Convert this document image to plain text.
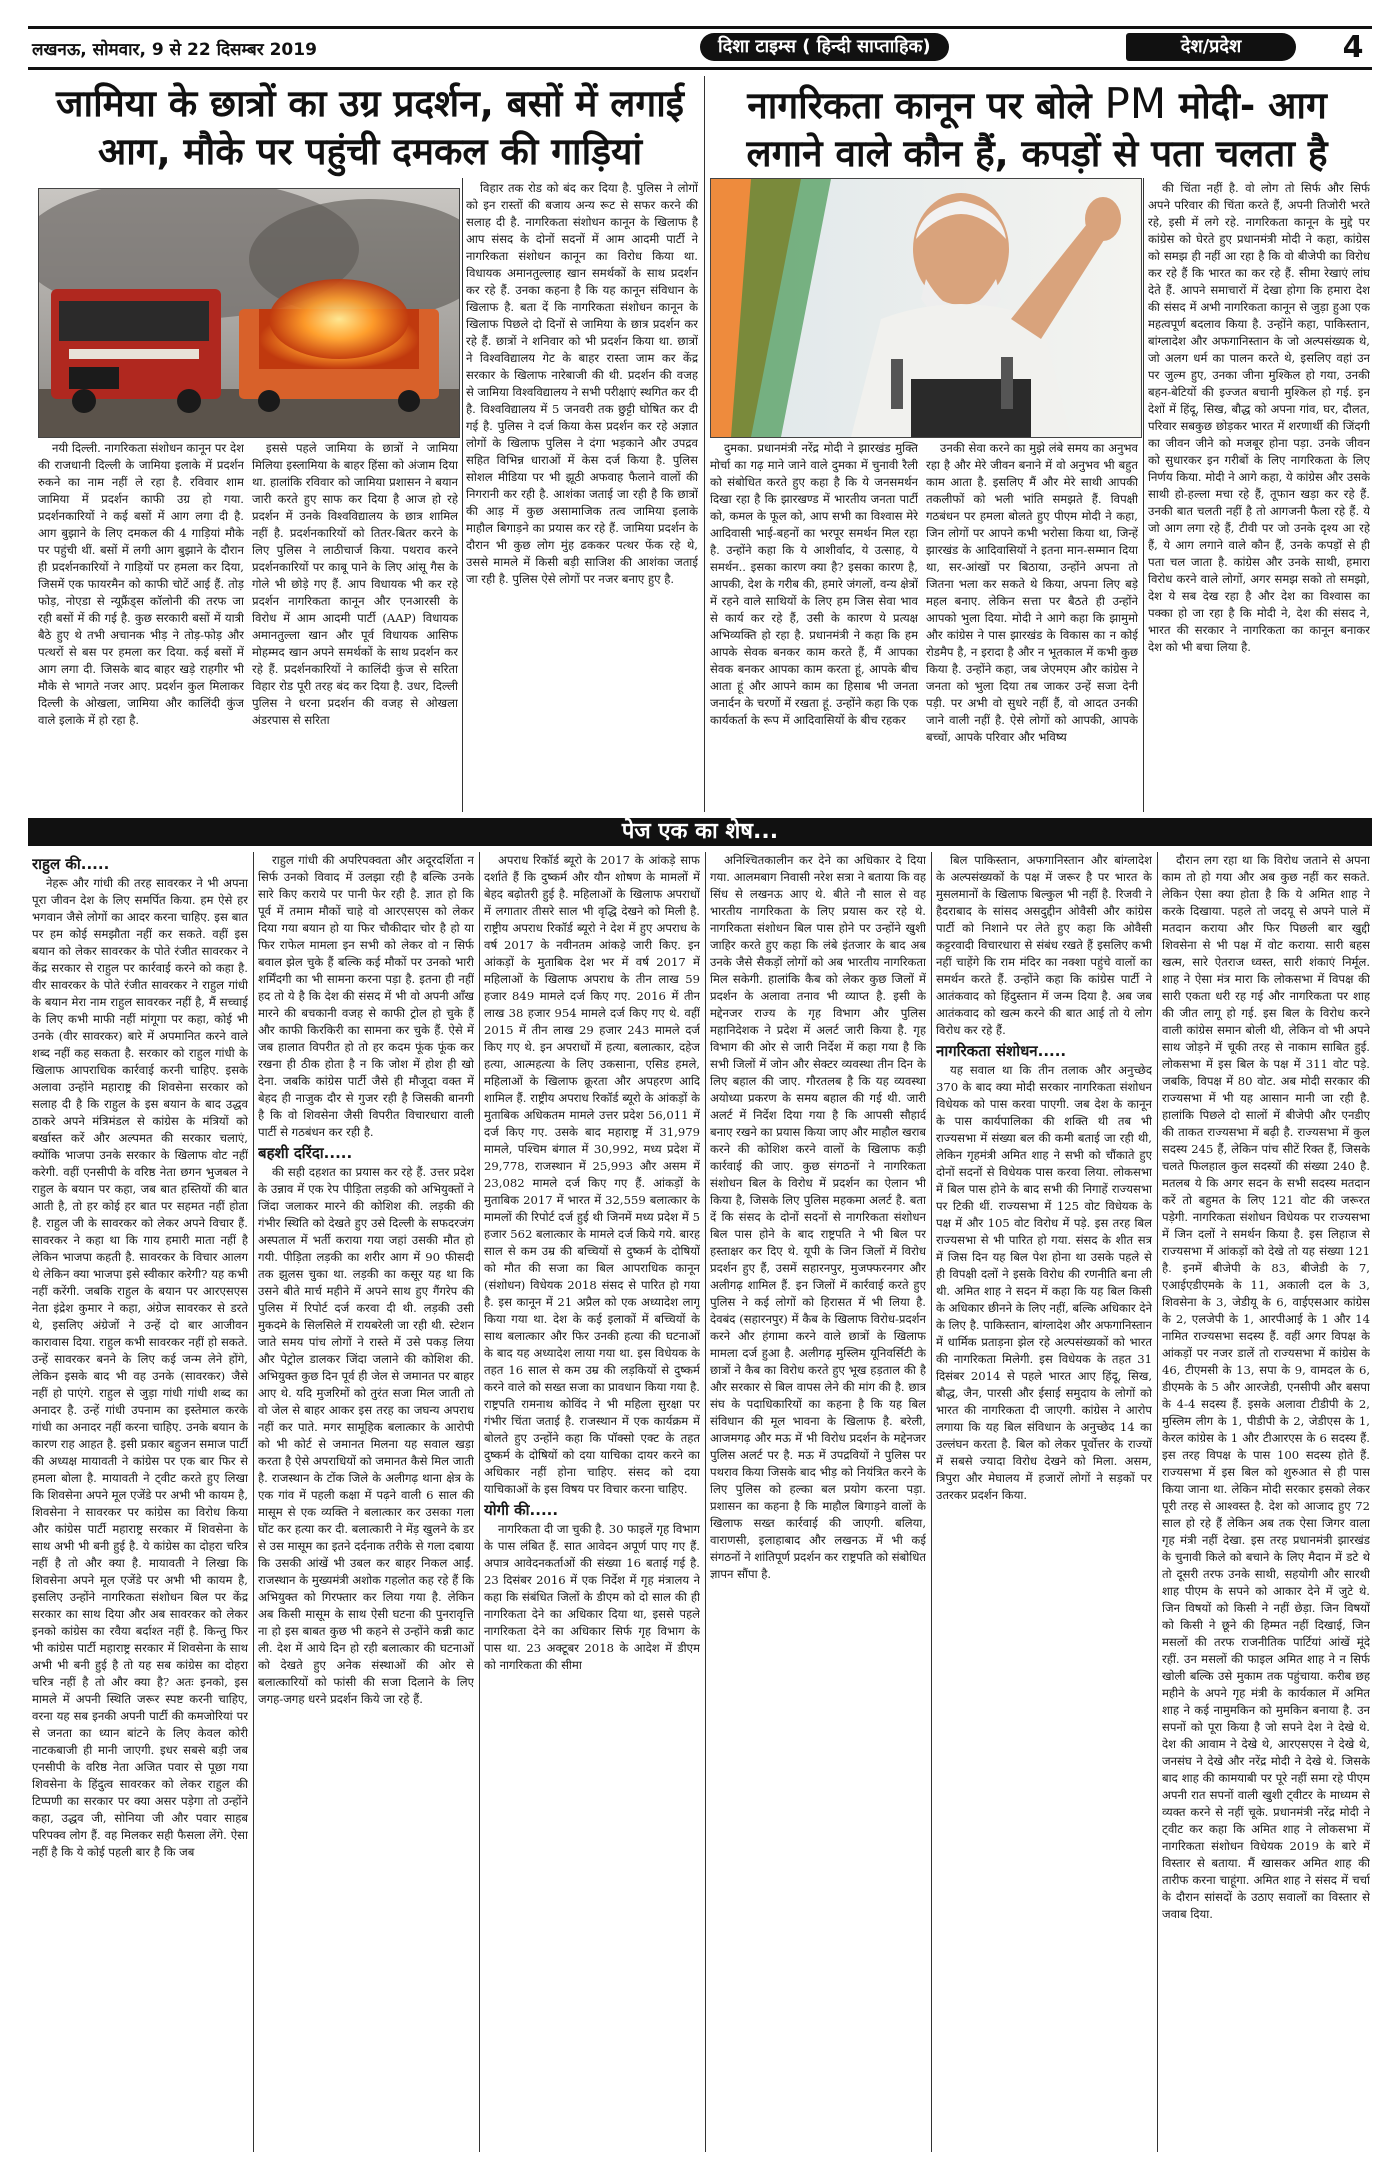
लखनऊ, सोमवार, 9 से 22 दिसम्बर 2019	दिशा टाइम्स ( हिन्दी साप्ताहिक)	देश/प्रदेश	4
जामिया के छात्रों का उग्र प्रदर्शन, बसों में लगाई आग, मौके पर पहुंची दमकल की गाड़ियां
नागरिकता कानून पर बोले PM मोदी- आग लगाने वाले कौन हैं, कपड़ों से पता चलता है

नयी दिल्ली. नागरिकता संशोधन कानून पर देश की राजधानी दिल्ली के जामिया इलाके में प्रदर्शन रुकने का नाम नहीं ले रहा है. रविवार शाम जामिया में प्रदर्शन काफी उग्र हो गया. प्रदर्शनकारियों ने कई बसों में आग लगा दी है. आग बुझाने के लिए दमकल की 4 गाड़ियां मौके पर पहुंची थीं. बसों में लगी आग बुझाने के दौरान ही प्रदर्शनकारियों ने गाड़ियों पर हमला कर दिया, जिसमें एक फायरमैन को काफी चोटें आई हैं. तोड़ फोड़, नोएडा से न्यूफ्रैंड्स कॉलोनी की तरफ जा रही बसों में की गई है. कुछ सरकारी बसों में यात्री बैठे हुए थे तभी अचानक भीड़ ने तोड़-फोड़ और पत्थरों से बस पर हमला कर दिया. कई बसों में आग लगा दी. जिसके बाद बाहर खड़े राहगीर भी मौके से भागते नजर आए. प्रदर्शन कुल मिलाकर दिल्ली के ओखला, जामिया और कालिंदी कुंज वाले इलाके में हो रहा है.

इससे पहले जामिया के छात्रों ने जामिया मिलिया इस्लामिया के बाहर हिंसा को अंजाम दिया था. हालांकि रविवार को जामिया प्रशासन ने बयान जारी करते हुए साफ कर दिया है आज हो रहे प्रदर्शन में उनके विश्वविद्यालय के छात्र शामिल नहीं है. प्रदर्शनकारियों को तितर-बितर करने के लिए पुलिस ने लाठीचार्ज किया. पथराव करने प्रदर्शनकारियों पर काबू पाने के लिए आंसू गैस के गोले भी छोड़े गए हैं. आप विधायक भी कर रहे प्रदर्शन नागरिकता कानून और एनआरसी के विरोध में आम आदमी पार्टी (AAP) विधायक अमानतुल्ला खान और पूर्व विधायक आसिफ मोहम्मद खान अपने समर्थकों के साथ प्रदर्शन कर रहे हैं. प्रदर्शनकारियों ने कालिंदी कुंज से सरिता विहार रोड पूरी तरह बंद कर दिया है. उधर, दिल्ली पुलिस ने धरना प्रदर्शन की वजह से ओखला अंडरपास से सरिता

विहार तक रोड को बंद कर दिया है. पुलिस ने लोगों को इन रास्तों की बजाय अन्य रूट से सफर करने की सलाह दी है. नागरिकता संशोधन कानून के खिलाफ है आप संसद के दोनों सदनों में आम आदमी पार्टी ने नागरिकता संशोधन कानून का विरोध किया था. विधायक अमानतुल्लाह खान समर्थकों के साथ प्रदर्शन कर रहे हैं. उनका कहना है कि यह कानून संविधान के खिलाफ है. बता दें कि नागरिकता संशोधन कानून के खिलाफ पिछले दो दिनों से जामिया के छात्र प्रदर्शन कर रहे हैं. छात्रों ने शनिवार को भी प्रदर्शन किया था. छात्रों ने विश्वविद्यालय गेट के बाहर रास्ता जाम कर केंद्र सरकार के खिलाफ नारेबाजी की थी. प्रदर्शन की वजह से जामिया विश्वविद्यालय ने सभी परीक्षाएं स्थगित कर दी है. विश्वविद्यालय में 5 जनवरी तक छुट्टी घोषित कर दी गई है. पुलिस ने दर्ज किया केस प्रदर्शन कर रहे अज्ञात लोगों के खिलाफ पुलिस ने दंगा भड़काने और उपद्रव सहित विभिन्न धाराओं में केस दर्ज किया है. पुलिस सोशल मीडिया पर भी झूठी अफवाह फैलाने वालों की निगरानी कर रही है. आशंका जताई जा रही है कि छात्रों की आड़ में कुछ असामाजिक तत्व जामिया इलाके माहौल बिगाड़ने का प्रयास कर रहे हैं. जामिया प्रदर्शन के दौरान भी कुछ लोग मुंह ढककर पत्थर फेंक रहे थे, उससे मामले में किसी बड़ी साजिश की आशंका जताई जा रही है. पुलिस ऐसे लोगों पर नजर बनाए हुए है.

दुमका. प्रधानमंत्री नरेंद्र मोदी ने झारखंड मुक्ति मोर्चा का गढ़ माने जाने वाले दुमका में चुनावी रैली को संबोधित करते हुए कहा है कि ये जनसमर्थन दिखा रहा है कि झारखण्ड में भारतीय जनता पार्टी को, कमल के फूल को, आप सभी का विश्वास मेरे आदिवासी भाई-बहनों का भरपूर समर्थन मिल रहा है. उन्होंने कहा कि ये आशीर्वाद, ये उत्साह, ये समर्थन.. इसका कारण क्या है? इसका कारण है, आपकी, देश के गरीब की, हमारे जंगलों, वन्य क्षेत्रों में रहने वाले साथियों के लिए हम जिस सेवा भाव से कार्य कर रहे हैं, उसी के कारण ये प्रत्यक्ष अभिव्यक्ति हो रहा है. प्रधानमंत्री ने कहा कि हम आपके सेवक बनकर काम करते हैं, मैं आपका सेवक बनकर आपका काम करता हूं, आपके बीच आता हूं और आपने काम का हिसाब भी जनता जनार्दन के चरणों में रखता हूं. उन्होंने कहा कि एक कार्यकर्ता के रूप में आदिवासियों के बीच रहकर

उनकी सेवा करने का मुझे लंबे समय का अनुभव रहा है और मेरे जीवन बनाने में वो अनुभव भी बहुत काम आता है. इसलिए मैं और मेरे साथी आपकी तकलीफों को भली भांति समझते हैं. विपक्षी गठबंधन पर हमला बोलते हुए पीएम मोदी ने कहा, जिन लोगों पर आपने कभी भरोसा किया था, जिन्हें झारखंड के आदिवासियों ने इतना मान-सम्मान दिया था, सर-आंखों पर बिठाया, उन्होंने अपना तो जितना भला कर सकते थे किया, अपना लिए बड़े महल बनाए. लेकिन सत्ता पर बैठते ही उन्होंने आपको भुला दिया. मोदी ने आगे कहा कि झामुमो और कांग्रेस ने पास झारखंड के विकास का न कोई रोडमैप है, न इरादा है और न भूतकाल में कभी कुछ किया है. उन्होंने कहा, जब जेएमएम और कांग्रेस ने जनता को भुला दिया तब जाकर उन्हें सजा देनी पड़ी. पर अभी वो सुधरे नहीं हैं, वो आदत उनकी जाने वाली नहीं है. ऐसे लोगों को आपकी, आपके बच्चों, आपके परिवार और भविष्य

की चिंता नहीं है. वो लोग तो सिर्फ और सिर्फ अपने परिवार की चिंता करते हैं, अपनी तिजोरी भरते रहे, इसी में लगे रहे. नागरिकता कानून के मुद्दे पर कांग्रेस को घेरते हुए प्रधानमंत्री मोदी ने कहा, कांग्रेस को समझ ही नहीं आ रहा है कि वो बीजेपी का विरोध कर रहे हैं कि भारत का कर रहे हैं. सीमा रेखाएं लांघ देते हैं. आपने समाचारों में देखा होगा कि हमारा देश की संसद में अभी नागरिकता कानून से जुड़ा हुआ एक महत्वपूर्ण बदलाव किया है. उन्होंने कहा, पाकिस्तान, बांग्लादेश और अफगानिस्तान के जो अल्पसंख्यक थे, जो अलग धर्म का पालन करते थे, इसलिए वहां उन पर जुल्म हुए, उनका जीना मुश्किल हो गया, उनकी बहन-बेटियों की इज्जत बचानी मुश्किल हो गई. इन देशों में हिंदू, सिख, बौद्ध को अपना गांव, घर, दौलत, परिवार सबकुछ छोड़कर भारत में शरणार्थी की जिंदगी का जीवन जीने को मजबूर होना पड़ा. उनके जीवन को सुधारकर इन गरीबों के लिए नागरिकता के लिए निर्णय किया. मोदी ने आगे कहा, ये कांग्रेस और उसके साथी हो-हल्ला मचा रहे हैं, तूफान खड़ा कर रहे हैं. उनकी बात चलती नहीं है तो आगजनी फैला रहे हैं. ये जो आग लगा रहे हैं, टीवी पर जो उनके दृश्य आ रहे हैं, ये आग लगाने वाले कौन हैं, उनके कपड़ों से ही पता चल जाता है. कांग्रेस और उनके साथी, हमारा विरोध करने वाले लोगों, अगर समझ सको तो समझो, देश ये सब देख रहा है और देश का विश्वास का पक्का हो जा रहा है कि मोदी ने, देश की संसद ने, भारत की सरकार ने नागरिकता का कानून बनाकर देश को भी बचा लिया है.

पेज एक का शेष...
राहुल की.....

नेहरू और गांधी की तरह सावरकर ने भी अपना पूरा जीवन देश के लिए समर्पित किया. हम ऐसे हर भगवान जैसे लोगों का आदर करना चाहिए. इस बात पर हम कोई समझौता नहीं कर सकते. वहीं इस बयान को लेकर सावरकर के पोते रंजीत सावरकर ने केंद्र सरकार से राहुल पर कार्रवाई करने को कहा है. वीर सावरकर के पोते रंजीत सावरकर ने राहुल गांधी के बयान मेरा नाम राहुल सावरकर नहीं है, मैं सच्चाई के लिए कभी माफी नहीं मांगूगा पर कहा, कोई भी उनके (वीर सावरकर) बारे में अपमानित करने वाले शब्द नहीं कह सकता है. सरकार को राहुल गांधी के खिलाफ आपराधिक कार्रवाई करनी चाहिए. इसके अलावा उन्होंने महाराष्ट्र की शिवसेना सरकार को सलाह दी है कि राहुल के इस बयान के बाद उद्धव ठाकरे अपने मंत्रिमंडल से कांग्रेस के मंत्रियों को बर्खास्त करें और अल्पमत की सरकार चलाएं, क्योंकि भाजपा उनके सरकार के खिलाफ वोट नहीं करेगी. वहीं एनसीपी के वरिष्ठ नेता छगन भुजबल ने राहुल के बयान पर कहा, जब बात हस्तियों की बात आती है, तो हर कोई हर बात पर सहमत नहीं होता है. राहुल जी के सावरकर को लेकर अपने विचार हैं. सावरकर ने कहा था कि गाय हमारी माता नहीं है लेकिन भाजपा कहती है. सावरकर के विचार आलग थे लेकिन क्या भाजपा इसे स्वीकार करेगी? यह कभी नहीं करेंगी. जबकि राहुल के बयान पर आरएसएस नेता इंद्रेश कुमार ने कहा, अंग्रेज सावरकर से डरते थे, इसलिए अंग्रेजों ने उन्हें दो बार आजीवन कारावास दिया. राहुल कभी सावरकर नहीं हो सकते. उन्हें सावरकर बनने के लिए कई जन्म लेने होंगे, लेकिन इसके बाद भी वह उनके (सावरकर) जैसे नहीं हो पाएंगे. राहुल से जुड़ा गांधी गांधी शब्द का अनादर है. उन्हें गांधी उपनाम का इस्तेमाल करके गांधी का अनादर नहीं करना चाहिए. उनके बयान के कारण राह आहत है. इसी प्रकार बहुजन समाज पार्टी की अध्यक्ष मायावती ने कांग्रेस पर एक बार फिर से हमला बोला है. मायावती ने ट्वीट करते हुए लिखा कि शिवसेना अपने मूल एजेंडे पर अभी भी कायम है, शिवसेना ने सावरकर पर कांग्रेस का विरोध किया और कांग्रेस पार्टी महाराष्ट्र सरकार में शिवसेना के साथ अभी भी बनी हुई है. ये कांग्रेस का दोहरा चरित्र नहीं है तो और क्या है. मायावती ने लिखा कि शिवसेना अपने मूल एजेंडे पर अभी भी कायम है, इसलिए उन्होंने नागरिकता संशोधन बिल पर केंद्र सरकार का साथ दिया और अब सावरकर को लेकर इनको कांग्रेस का रवैया बर्दाश्त नहीं है. किन्तु फिर भी कांग्रेस पार्टी महाराष्ट्र सरकार में शिवसेना के साथ अभी भी बनी हुई है तो यह सब कांग्रेस का दोहरा चरित्र नहीं है तो और क्या है? अतः इनको, इस मामले में अपनी स्थिति जरूर स्पष्ट करनी चाहिए, वरना यह सब इनकी अपनी पार्टी की कमजोरियां पर से जनता का ध्यान बांटने के लिए केवल कोरी नाटकबाजी ही मानी जाएगी. इधर सबसे बड़ी जब एनसीपी के वरिष्ठ नेता अजित पवार से पूछा गया शिवसेना के हिंदुत्व सावरकर को लेकर राहुल की टिप्पणी का सरकार पर क्या असर पड़ेगा तो उन्होंने कहा, उद्धव जी, सोनिया जी और पवार साहब परिपक्व लोग हैं. वह मिलकर सही फैसला लेंगे. ऐसा नहीं है कि ये कोई पहली बार है कि जब

राहुल गांधी की अपरिपक्वता और अदूरदर्शिता न सिर्फ उनको विवाद में उलझा रही है बल्कि उनके सारे किए कराये पर पानी फेर रही है. ज्ञात हो कि पूर्व में तमाम मौकों चाहे वो आरएसएस को लेकर दिया गया बयान हो या फिर चौकीदार चोर है हो या फिर राफेल मामला इन सभी को लेकर वो न सिर्फ बवाल झेल चुके हैं बल्कि कई मौकों पर उनको भारी शर्मिंदगी का भी सामना करना पड़ा है. इतना ही नहीं हद तो ये है कि देश की संसद में भी वो अपनी आँख मारने की बचकानी वजह से काफी ट्रोल हो चुके हैं और काफी किरकिरी का सामना कर चुके हैं. ऐसे में जब हालात विपरीत हो तो हर कदम फूंक फूंक कर रखना ही ठीक होता है न कि जोश में होश ही खो देना. जबकि कांग्रेस पार्टी जैसे ही मौजूदा वक्त में बेहद ही नाजुक दौर से गुजर रही है जिसकी बानगी है कि वो शिवसेना जैसी विपरीत विचारधारा वाली पार्टी से गठबंधन कर रही है.

बहशी दरिंदा.....

की सही दहशत का प्रयास कर रहे हैं. उत्तर प्रदेश के उन्नाव में एक रेप पीड़िता लड़की को अभियुक्तों ने जिंदा जलाकर मारने की कोशिश की. लड़की की गंभीर स्थिति को देखते हुए उसे दिल्ली के सफदरजंग अस्पताल में भर्ती कराया गया जहां उसकी मौत हो गयी. पीड़िता लड़की का शरीर आग में 90 फीसदी तक झुलस चुका था. लड़की का कसूर यह था कि उसने बीते मार्च महीने में अपने साथ हुए गैंगरेप की पुलिस में रिपोर्ट दर्ज करवा दी थी. लड़की उसी मुकदमे के सिलसिले में रायबरेली जा रही थी. स्टेशन जाते समय पांच लोगों ने रास्ते में उसे पकड़ लिया और पेट्रोल डालकर जिंदा जलाने की कोशिश की. अभियुक्त कुछ दिन पूर्व ही जेल से जमानत पर बाहर आए थे. यदि मुजरिमों को तुरंत सजा मिल जाती तो वो जेल से बाहर आकर इस तरह का जघन्य अपराध नहीं कर पाते. मगर सामूहिक बलात्कार के आरोपी को भी कोर्ट से जमानत मिलना यह सवाल खड़ा करता है ऐसे अपराधियों को जमानत कैसे मिल जाती है. राजस्थान के टोंक जिले के अलीगढ़ थाना क्षेत्र के एक गांव में पहली कक्षा में पढ़ने वाली 6 साल की मासूम से एक व्यक्ति ने बलात्कार कर उसका गला घोंट कर हत्या कर दी. बलात्कारी ने मेंड़ खुलने के डर से उस मासूम का इतने दर्दनाक तरीके से गला दबाया कि उसकी आंखें भी उबल कर बाहर निकल आईं. राजस्थान के मुख्यमंत्री अशोक गहलोत कह रहे हैं कि अभियुक्त को गिरफ्तार कर लिया गया है. लेकिन अब किसी मासूम के साथ ऐसी घटना की पुनरावृत्ति ना हो इस बाबत कुछ भी कहने से उन्होंने कन्नी काट ली. देश में आये दिन हो रही बलात्कार की घटनाओं को देखते हुए अनेक संस्थाओं की ओर से बलात्कारियों को फांसी की सजा दिलाने के लिए जगह-जगह धरने प्रदर्शन किये जा रहे हैं.

अपराध रिकॉर्ड ब्यूरो के 2017 के आंकड़े साफ दर्शाते हैं कि दुष्कर्म और यौन शोषण के मामलों में बेहद बढ़ोतरी हुई है. महिलाओं के खिलाफ अपराधों में लगातार तीसरे साल भी वृद्धि देखने को मिली है. राष्ट्रीय अपराध रिकॉर्ड ब्यूरो ने देश में हुए अपराध के वर्ष 2017 के नवीनतम आंकड़े जारी किए. इन आंकड़ों के मुताबिक देश भर में वर्ष 2017 में महिलाओं के खिलाफ अपराध के तीन लाख 59 हजार 849 मामले दर्ज किए गए. 2016 में तीन लाख 38 हजार 954 मामले दर्ज किए गए थे. वहीं 2015 में तीन लाख 29 हजार 243 मामले दर्ज किए गए थे. इन अपराधों में हत्या, बलात्कार, दहेज हत्या, आत्महत्या के लिए उकसाना, एसिड हमले, महिलाओं के खिलाफ क्रूरता और अपहरण आदि शामिल हैं. राष्ट्रीय अपराध रिकॉर्ड ब्यूरो के आंकड़ों के मुताबिक अधिकतम मामले उत्तर प्रदेश 56,011 में दर्ज किए गए. उसके बाद महाराष्ट्र में 31,979 मामले, पश्चिम बंगाल में 30,992, मध्य प्रदेश में 29,778, राजस्थान में 25,993 और असम में 23,082 मामले दर्ज किए गए हैं. आंकड़ों के मुताबिक 2017 में भारत में 32,559 बलात्कार के मामलों की रिपोर्ट दर्ज हुई थी जिनमें मध्य प्रदेश में 5 हजार 562 बलात्कार के मामले दर्ज किये गये. बारह साल से कम उम्र की बच्चियों से दुष्कर्म के दोषियों को मौत की सजा का बिल आपराधिक कानून (संशोधन) विधेयक 2018 संसद से पारित हो गया है. इस कानून में 21 अप्रैल को एक अध्यादेश लागू किया गया था. देश के कई इलाकों में बच्चियों के साथ बलात्कार और फिर उनकी हत्या की घटनाओं के बाद यह अध्यादेश लाया गया था. इस विधेयक के तहत 16 साल से कम उम्र की लड़कियों से दुष्कर्म करने वाले को सख्त सजा का प्रावधान किया गया है. राष्ट्रपति रामनाथ कोविंद ने भी महिला सुरक्षा पर गंभीर चिंता जताई है. राजस्थान में एक कार्यक्रम में बोलते हुए उन्होंने कहा कि पॉक्सो एक्ट के तहत दुष्कर्म के दोषियों को दया याचिका दायर करने का अधिकार नहीं होना चाहिए. संसद को दया याचिकाओं के इस विषय पर विचार करना चाहिए.

योगी की.....

नागरिकता दी जा चुकी है. 30 फाइलें गृह विभाग के पास लंबित हैं. सात आवेदन अपूर्ण पाए गए हैं. अपात्र आवेदनकर्ताओं की संख्या 16 बताई गई है. 23 दिसंबर 2016 में एक निर्देश में गृह मंत्रालय ने कहा कि संबंधित जिलों के डीएम को दो साल की ही नागरिकता देने का अधिकार दिया था, इससे पहले नागरिकता देने का अधिकार सिर्फ गृह विभाग के पास था. 23 अक्टूबर 2018 के आदेश में डीएम को नागरिकता की सीमा

अनिश्चितकालीन कर देने का अधिकार दे दिया गया. आलमबाग निवासी नरेश सत्रा ने बताया कि वह सिंध से लखनऊ आए थे. बीते नौ साल से वह भारतीय नागरिकता के लिए प्रयास कर रहे थे. नागरिकता संशोधन बिल पास होने पर उन्होंने खुशी जाहिर करते हुए कहा कि लंबे इंतजार के बाद अब उनके जैसे सैकड़ों लोगों को अब भारतीय नागरिकता मिल सकेगी. हालांकि कैब को लेकर कुछ जिलों में प्रदर्शन के अलावा तनाव भी व्याप्त है. इसी के मद्देनजर राज्य के गृह विभाग और पुलिस महानिदेशक ने प्रदेश में अलर्ट जारी किया है. गृह विभाग की ओर से जारी निर्देश में कहा गया है कि सभी जिलों में जोन और सेक्टर व्यवस्था तीन दिन के लिए बहाल की जाए. गौरतलब है कि यह व्यवस्था अयोध्या प्रकरण के समय बहाल की गई थी. जारी अलर्ट में निर्देश दिया गया है कि आपसी सौहार्द बनाए रखने का प्रयास किया जाए और माहौल खराब करने की कोशिश करने वालों के खिलाफ कड़ी कार्रवाई की जाए. कुछ संगठनों ने नागरिकता संशोधन बिल के विरोध में प्रदर्शन का ऐलान भी किया है, जिसके लिए पुलिस महकमा अलर्ट है. बता दें कि संसद के दोनों सदनों से नागरिकता संशोधन बिल पास होने के बाद राष्ट्रपति ने भी बिल पर हस्ताक्षर कर दिए थे. यूपी के जिन जिलों में विरोध प्रदर्शन हुए हैं, उसमें सहारनपुर, मुजफ्फरनगर और अलीगढ़ शामिल हैं. इन जिलों में कार्रवाई करते हुए पुलिस ने कई लोगों को हिरासत में भी लिया है. देवबंद (सहारनपुर) में कैब के खिलाफ विरोध-प्रदर्शन करने और हंगामा करने वाले छात्रों के खिलाफ मामला दर्ज हुआ है. अलीगढ़ मुस्लिम यूनिवर्सिटी के छात्रों ने कैब का विरोध करते हुए भूख हड़ताल की है और सरकार से बिल वापस लेने की मांग की है. छात्र संघ के पदाधिकारियों का कहना है कि यह बिल संविधान की मूल भावना के खिलाफ है. बरेली, आजमगढ़ और मऊ में भी विरोध प्रदर्शन के मद्देनजर पुलिस अलर्ट पर है. मऊ में उपद्रवियों ने पुलिस पर पथराव किया जिसके बाद भीड़ को नियंत्रित करने के लिए पुलिस को हल्का बल प्रयोग करना पड़ा. प्रशासन का कहना है कि माहौल बिगाड़ने वालों के खिलाफ सख्त कार्रवाई की जाएगी. बलिया, वाराणसी, इलाहाबाद और लखनऊ में भी कई संगठनों ने शांतिपूर्ण प्रदर्शन कर राष्ट्रपति को संबोधित ज्ञापन सौंपा है.

बिल पाकिस्तान, अफगानिस्तान और बांग्लादेश के अल्पसंख्यकों के पक्ष में जरूर है पर भारत के मुसलमानों के खिलाफ बिल्कुल भी नहीं है. रिजवी ने हैदराबाद के सांसद असदुद्दीन ओवैसी और कांग्रेस पार्टी को निशाने पर लेते हुए कहा कि ओवैसी कट्टरवादी विचारधारा से संबंध रखते हैं इसलिए कभी नहीं चाहेंगे कि राम मंदिर का नक्शा पहुंचे वालों का समर्थन करते हैं. उन्होंने कहा कि कांग्रेस पार्टी ने आतंकवाद को हिंदुस्तान में जन्म दिया है. अब जब आतंकवाद को खत्म करने की बात आई तो ये लोग विरोध कर रहे हैं.

नागरिकता संशोधन.....

यह सवाल था कि तीन तलाक और अनुच्छेद 370 के बाद क्या मोदी सरकार नागरिकता संशोधन विधेयक को पास करवा पाएगी. जब देश के कानून के पास कार्यपालिका की शक्ति थी तब भी राज्यसभा में संख्या बल की कमी बताई जा रही थी, लेकिन गृहमंत्री अमित शाह ने सभी को चौंकाते हुए दोनों सदनों से विधेयक पास करवा लिया. लोकसभा में बिल पास होने के बाद सभी की निगाहें राज्यसभा पर टिकी थीं. राज्यसभा में 125 वोट विधेयक के पक्ष में और 105 वोट विरोध में पड़े. इस तरह बिल राज्यसभा से भी पारित हो गया. संसद के शीत सत्र में जिस दिन यह बिल पेश होना था उसके पहले से ही विपक्षी दलों ने इसके विरोध की रणनीति बना ली थी. अमित शाह ने सदन में कहा कि यह बिल किसी के अधिकार छीनने के लिए नहीं, बल्कि अधिकार देने के लिए है. पाकिस्तान, बांग्लादेश और अफगानिस्तान में धार्मिक प्रताड़ना झेल रहे अल्पसंख्यकों को भारत की नागरिकता मिलेगी. इस विधेयक के तहत 31 दिसंबर 2014 से पहले भारत आए हिंदू, सिख, बौद्ध, जैन, पारसी और ईसाई समुदाय के लोगों को भारत की नागरिकता दी जाएगी. कांग्रेस ने आरोप लगाया कि यह बिल संविधान के अनुच्छेद 14 का उल्लंघन करता है. बिल को लेकर पूर्वोत्तर के राज्यों में सबसे ज्यादा विरोध देखने को मिला. असम, त्रिपुरा और मेघालय में हजारों लोगों ने सड़कों पर उतरकर प्रदर्शन किया.

दौरान लग रहा था कि विरोध जताने से अपना काम तो हो गया और अब कुछ नहीं कर सकते. लेकिन ऐसा क्या होता है कि ये अमित शाह ने करके दिखाया. पहले तो जदयू से अपने पाले में मतदान कराया और फिर पिछली बार खुद्दी शिवसेना से भी पक्ष में वोट कराया. सारी बहस खत्म, सारे ऐतराज ध्वस्त, सारी शंकाएं निर्मूल. शाह ने ऐसा मंत्र मारा कि लोकसभा में विपक्ष की सारी एकता धरी रह गई और नागरिकता पर शाह की जीत लागू हो गई. इस बिल के विरोध करने वाली कांग्रेस समान बोली थी, लेकिन वो भी अपने साथ जोड़ने में चूकी तरह से नाकाम साबित हुई. लोकसभा में इस बिल के पक्ष में 311 वोट पड़े. जबकि, विपक्ष में 80 वोट. अब मोदी सरकार की राज्यसभा में भी यह आसान मानी जा रही है. हालांकि पिछले दो सालों में बीजेपी और एनडीए की ताकत राज्यसभा में बढ़ी है. राज्यसभा में कुल सदस्य 245 हैं, लेकिन पांच सीटें रिक्त हैं, जिसके चलते फिलहाल कुल सदस्यों की संख्या 240 है. मतलब ये कि अगर सदन के सभी सदस्य मतदान करें तो बहुमत के लिए 121 वोट की जरूरत पड़ेगी. नागरिकता संशोधन विधेयक पर राज्यसभा में जिन दलों ने समर्थन किया है. इस लिहाज से राज्यसभा में आंकड़ों को देखे तो यह संख्या 121 है. इनमें बीजेपी के 83, बीजेडी के 7, एआईएडीएमके के 11, अकाली दल के 3, शिवसेना के 3, जेडीयू के 6, वाईएसआर कांग्रेस के 2, एलजेपी के 1, आरपीआई के 1 और 14 नामित राज्यसभा सदस्य हैं. वहीं अगर विपक्ष के आंकड़ों पर नजर डालें तो राज्यसभा में कांग्रेस के 46, टीएमसी के 13, सपा के 9, वामदल के 6, डीएमके के 5 और आरजेडी, एनसीपी और बसपा के 4-4 सदस्य हैं. इसके अलावा टीडीपी के 2, मुस्लिम लीग के 1, पीडीपी के 2, जेडीएस के 1, केरल कांग्रेस के 1 और टीआरएस के 6 सदस्य हैं. इस तरह विपक्ष के पास 100 सदस्य होते हैं. राज्यसभा में इस बिल को शुरुआत से ही पास किया जाना था. लेकिन मोदी सरकार इसको लेकर पूरी तरह से आश्वस्त है. देश को आजाद हुए 72 साल हो रहे हैं लेकिन अब तक ऐसा जिगर वाला गृह मंत्री नहीं देखा. इस तरह प्रधानमंत्री झारखंड के चुनावी किले को बचाने के लिए मैदान में डटे थे तो दूसरी तरफ उनके साथी, सहयोगी और सारथी शाह पीएम के सपने को आकार देने में जुटे थे. जिन विषयों को किसी ने नहीं छेड़ा. जिन विषयों को किसी ने छूने की हिम्मत नहीं दिखाई, जिन मसलों की तरफ राजनीतिक पार्टियां आंखें मूंदे रहीं. उन मसलों की फाइल अमित शाह ने न सिर्फ खोली बल्कि उसे मुकाम तक पहुंचाया. करीब छह महीने के अपने गृह मंत्री के कार्यकाल में अमित शाह ने कई नामुमकिन को मुमकिन बनाया है. उन सपनों को पूरा किया है जो सपने देश ने देखे थे. देश की आवाम ने देखे थे, आरएसएस ने देखे थे, जनसंघ ने देखे और नरेंद्र मोदी ने देखे थे. जिसके बाद शाह की कामयाबी पर पूरे नहीं समा रहे पीएम अपनी रात सपनों वाली खुशी ट्वीटर के माध्यम से व्यक्त करने से नहीं चूके. प्रधानमंत्री नरेंद्र मोदी ने ट्वीट कर कहा कि अमित शाह ने लोकसभा में नागरिकता संशोधन विधेयक 2019 के बारे में विस्तार से बताया. मैं खासकर अमित शाह की तारीफ करना चाहूंगा. अमित शाह ने संसद में चर्चा के दौरान सांसदों के उठाए सवालों का विस्तार से जवाब दिया.
